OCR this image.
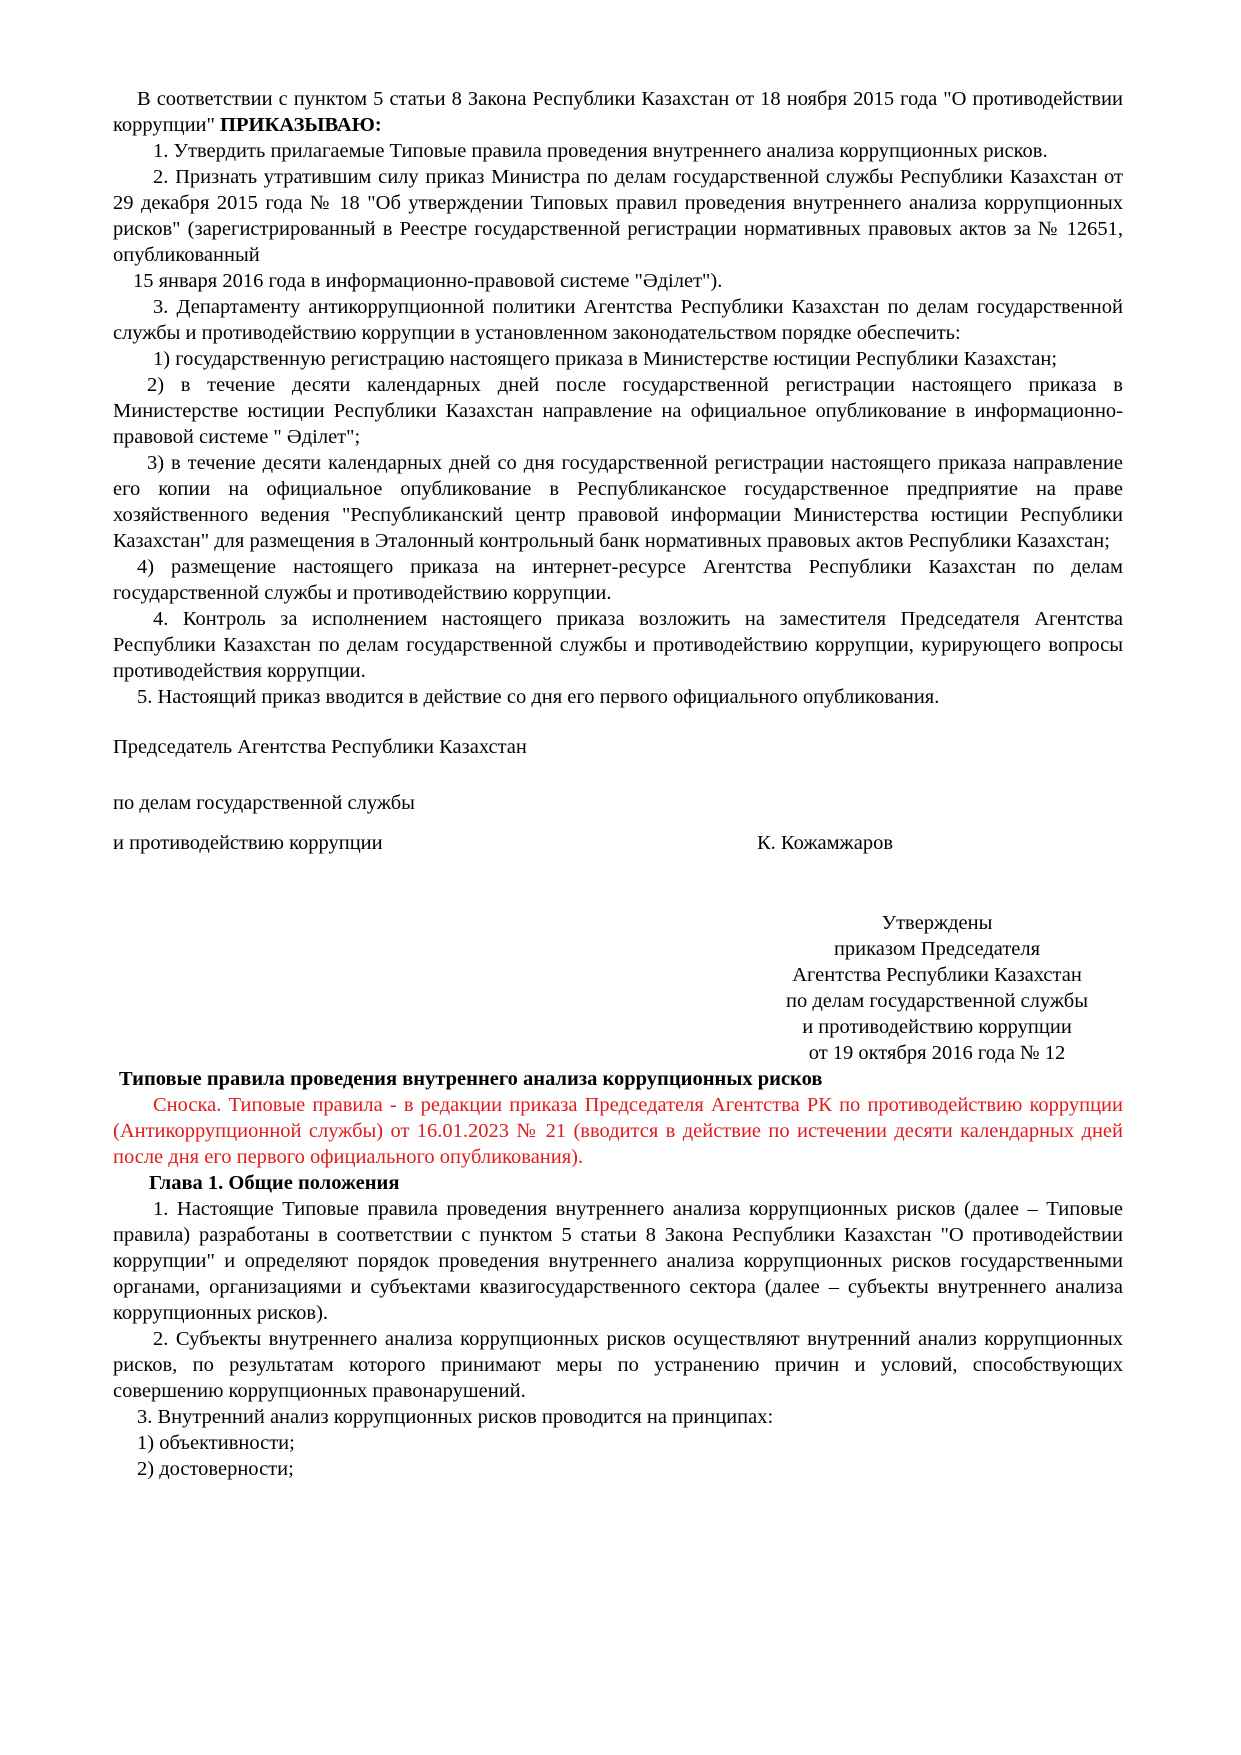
В соответствии с пунктом 5 статьи 8 Закона Республики Казахстан от 18 ноября 2015 года "О противодействии коррупции" ПРИКАЗЫВАЮ:

1. Утвердить прилагаемые Типовые правила проведения внутреннего анализа коррупционных рисков.

2. Признать утратившим силу приказ Министра по делам государственной службы Республики Казахстан от 29 декабря 2015 года № 18 "Об утверждении Типовых правил проведения внутреннего анализа коррупционных рисков" (зарегистрированный в Реестре государственной регистрации нормативных правовых актов за № 12651, опубликованный

15 января 2016 года в информационно-правовой системе "Әділет").

3. Департаменту антикоррупционной политики Агентства Республики Казахстан по делам государственной службы и противодействию коррупции в установленном законодательством порядке обеспечить:

1) государственную регистрацию настоящего приказа в Министерстве юстиции Республики Казахстан;

2) в течение десяти календарных дней после государственной регистрации настоящего приказа в Министерстве юстиции Республики Казахстан направление на официальное опубликование в информационно-правовой системе " Әділет";

3) в течение десяти календарных дней со дня государственной регистрации настоящего приказа направление его копии на официальное опубликование в Республиканское государственное предприятие на праве хозяйственного ведения "Республиканский центр правовой информации Министерства юстиции Республики Казахстан" для размещения в Эталонный контрольный банк нормативных правовых актов Республики Казахстан;

4) размещение настоящего приказа на интернет-ресурсе Агентства Республики Казахстан по делам государственной службы и противодействию коррупции.

4. Контроль за исполнением настоящего приказа возложить на заместителя Председателя Агентства Республики Казахстан по делам государственной службы и противодействию коррупции, курирующего вопросы противодействия коррупции.

5. Настоящий приказ вводится в действие со дня его первого официального опубликования.

Председатель Агентства Республики Казахстан
по делам государственной службы
и противодействию коррупции	К. Кожамжаров
Утверждены
приказом Председателя
Агентства Республики Казахстан
по делам государственной службы
и противодействию коррупции
от 19 октября 2016 года № 12

Типовые правила проведения внутреннего анализа коррупционных рисков

Сноска. Типовые правила - в редакции приказа Председателя Агентства РК по противодействию коррупции (Антикоррупционной службы) от 16.01.2023 № 21 (вводится в действие по истечении десяти календарных дней после дня его первого официального опубликования).

Глава 1. Общие положения

1. Настоящие Типовые правила проведения внутреннего анализа коррупционных рисков (далее – Типовые правила) разработаны в соответствии с пунктом 5 статьи 8 Закона Республики Казахстан "О противодействии коррупции" и определяют порядок проведения внутреннего анализа коррупционных рисков государственными органами, организациями и субъектами квазигосударственного сектора (далее – субъекты внутреннего анализа коррупционных рисков).

2. Субъекты внутреннего анализа коррупционных рисков осуществляют внутренний анализ коррупционных рисков, по результатам которого принимают меры по устранению причин и условий, способствующих совершению коррупционных правонарушений.

3. Внутренний анализ коррупционных рисков проводится на принципах:

1) объективности;

2) достоверности;
